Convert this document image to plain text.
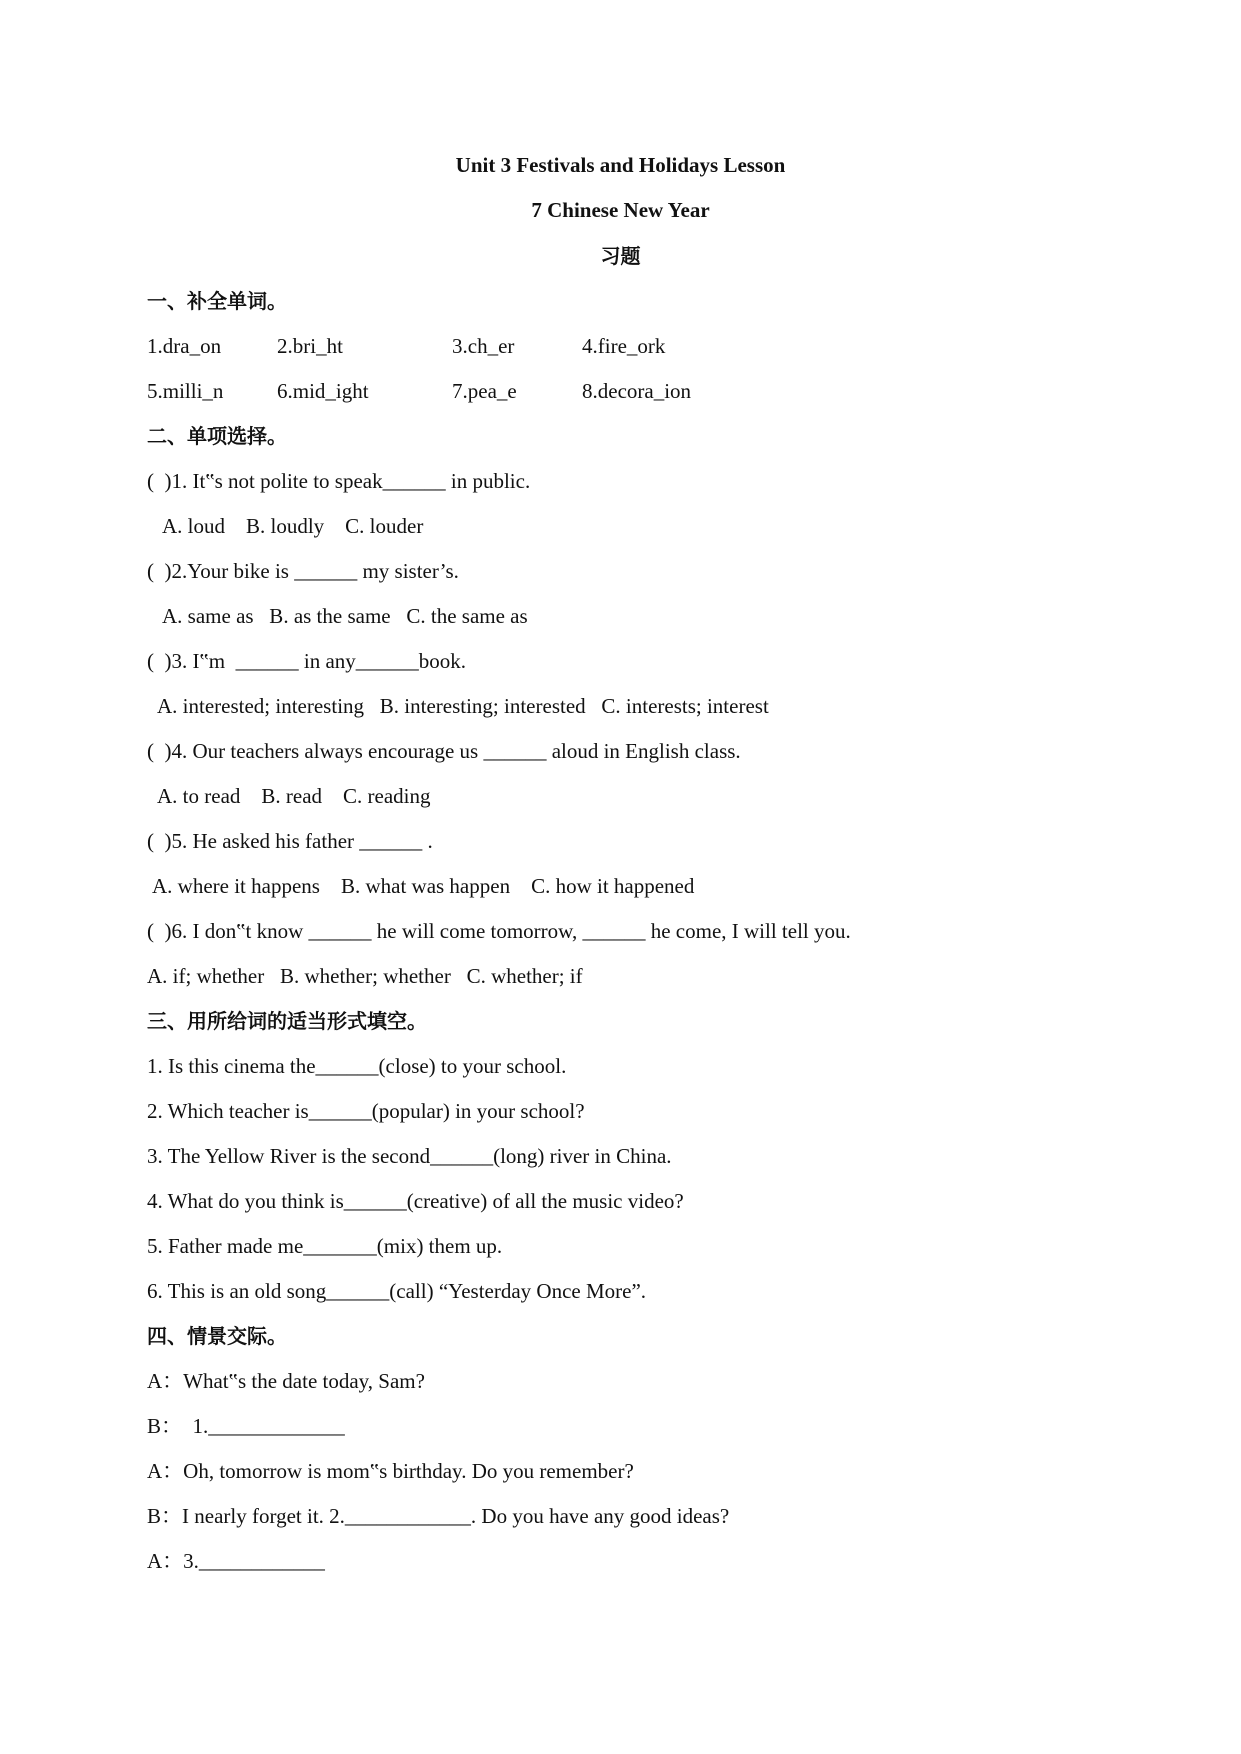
Unit 3 Festivals and Holidays Lesson
7 Chinese New Year
习题
一、补全单词。
1.dra_on	2.bri_ht	3.ch_er	4.fire_ork
5.milli_n	6.mid_ight	7.pea_e	8.decora_ion
二、单项选择。
(  )1. It‟s not polite to speak______ in public.
A. loud    B. loudly    C. louder
(  )2.Your bike is ______ my sister’s.
A. same as   B. as the same   C. the same as
(  )3. I‟m  ______ in any______book.
A. interested; interesting   B. interesting; interested   C. interests; interest
(  )4. Our teachers always encourage us ______ aloud in English class.
A. to read    B. read    C. reading
(  )5. He asked his father ______ .
A. where it happens    B. what was happen    C. how it happened
(  )6. I don‟t know ______ he will come tomorrow, ______ he come, I will tell you.
A. if; whether   B. whether; whether   C. whether; if
三、用所给词的适当形式填空。
1. Is this cinema the______(close) to your school.
2. Which teacher is______(popular) in your school?
3. The Yellow River is the second______(long) river in China.
4. What do you think is______(creative) of all the music video?
5. Father made me_______(mix) them up.
6. This is an old song______(call) “Yesterday Once More”.
四、情景交际。
A：What‟s the date today, Sam?
B：  1._____________
A：Oh, tomorrow is mom‟s birthday. Do you remember?
B：I nearly forget it. 2.____________. Do you have any good ideas?
A：3.____________
